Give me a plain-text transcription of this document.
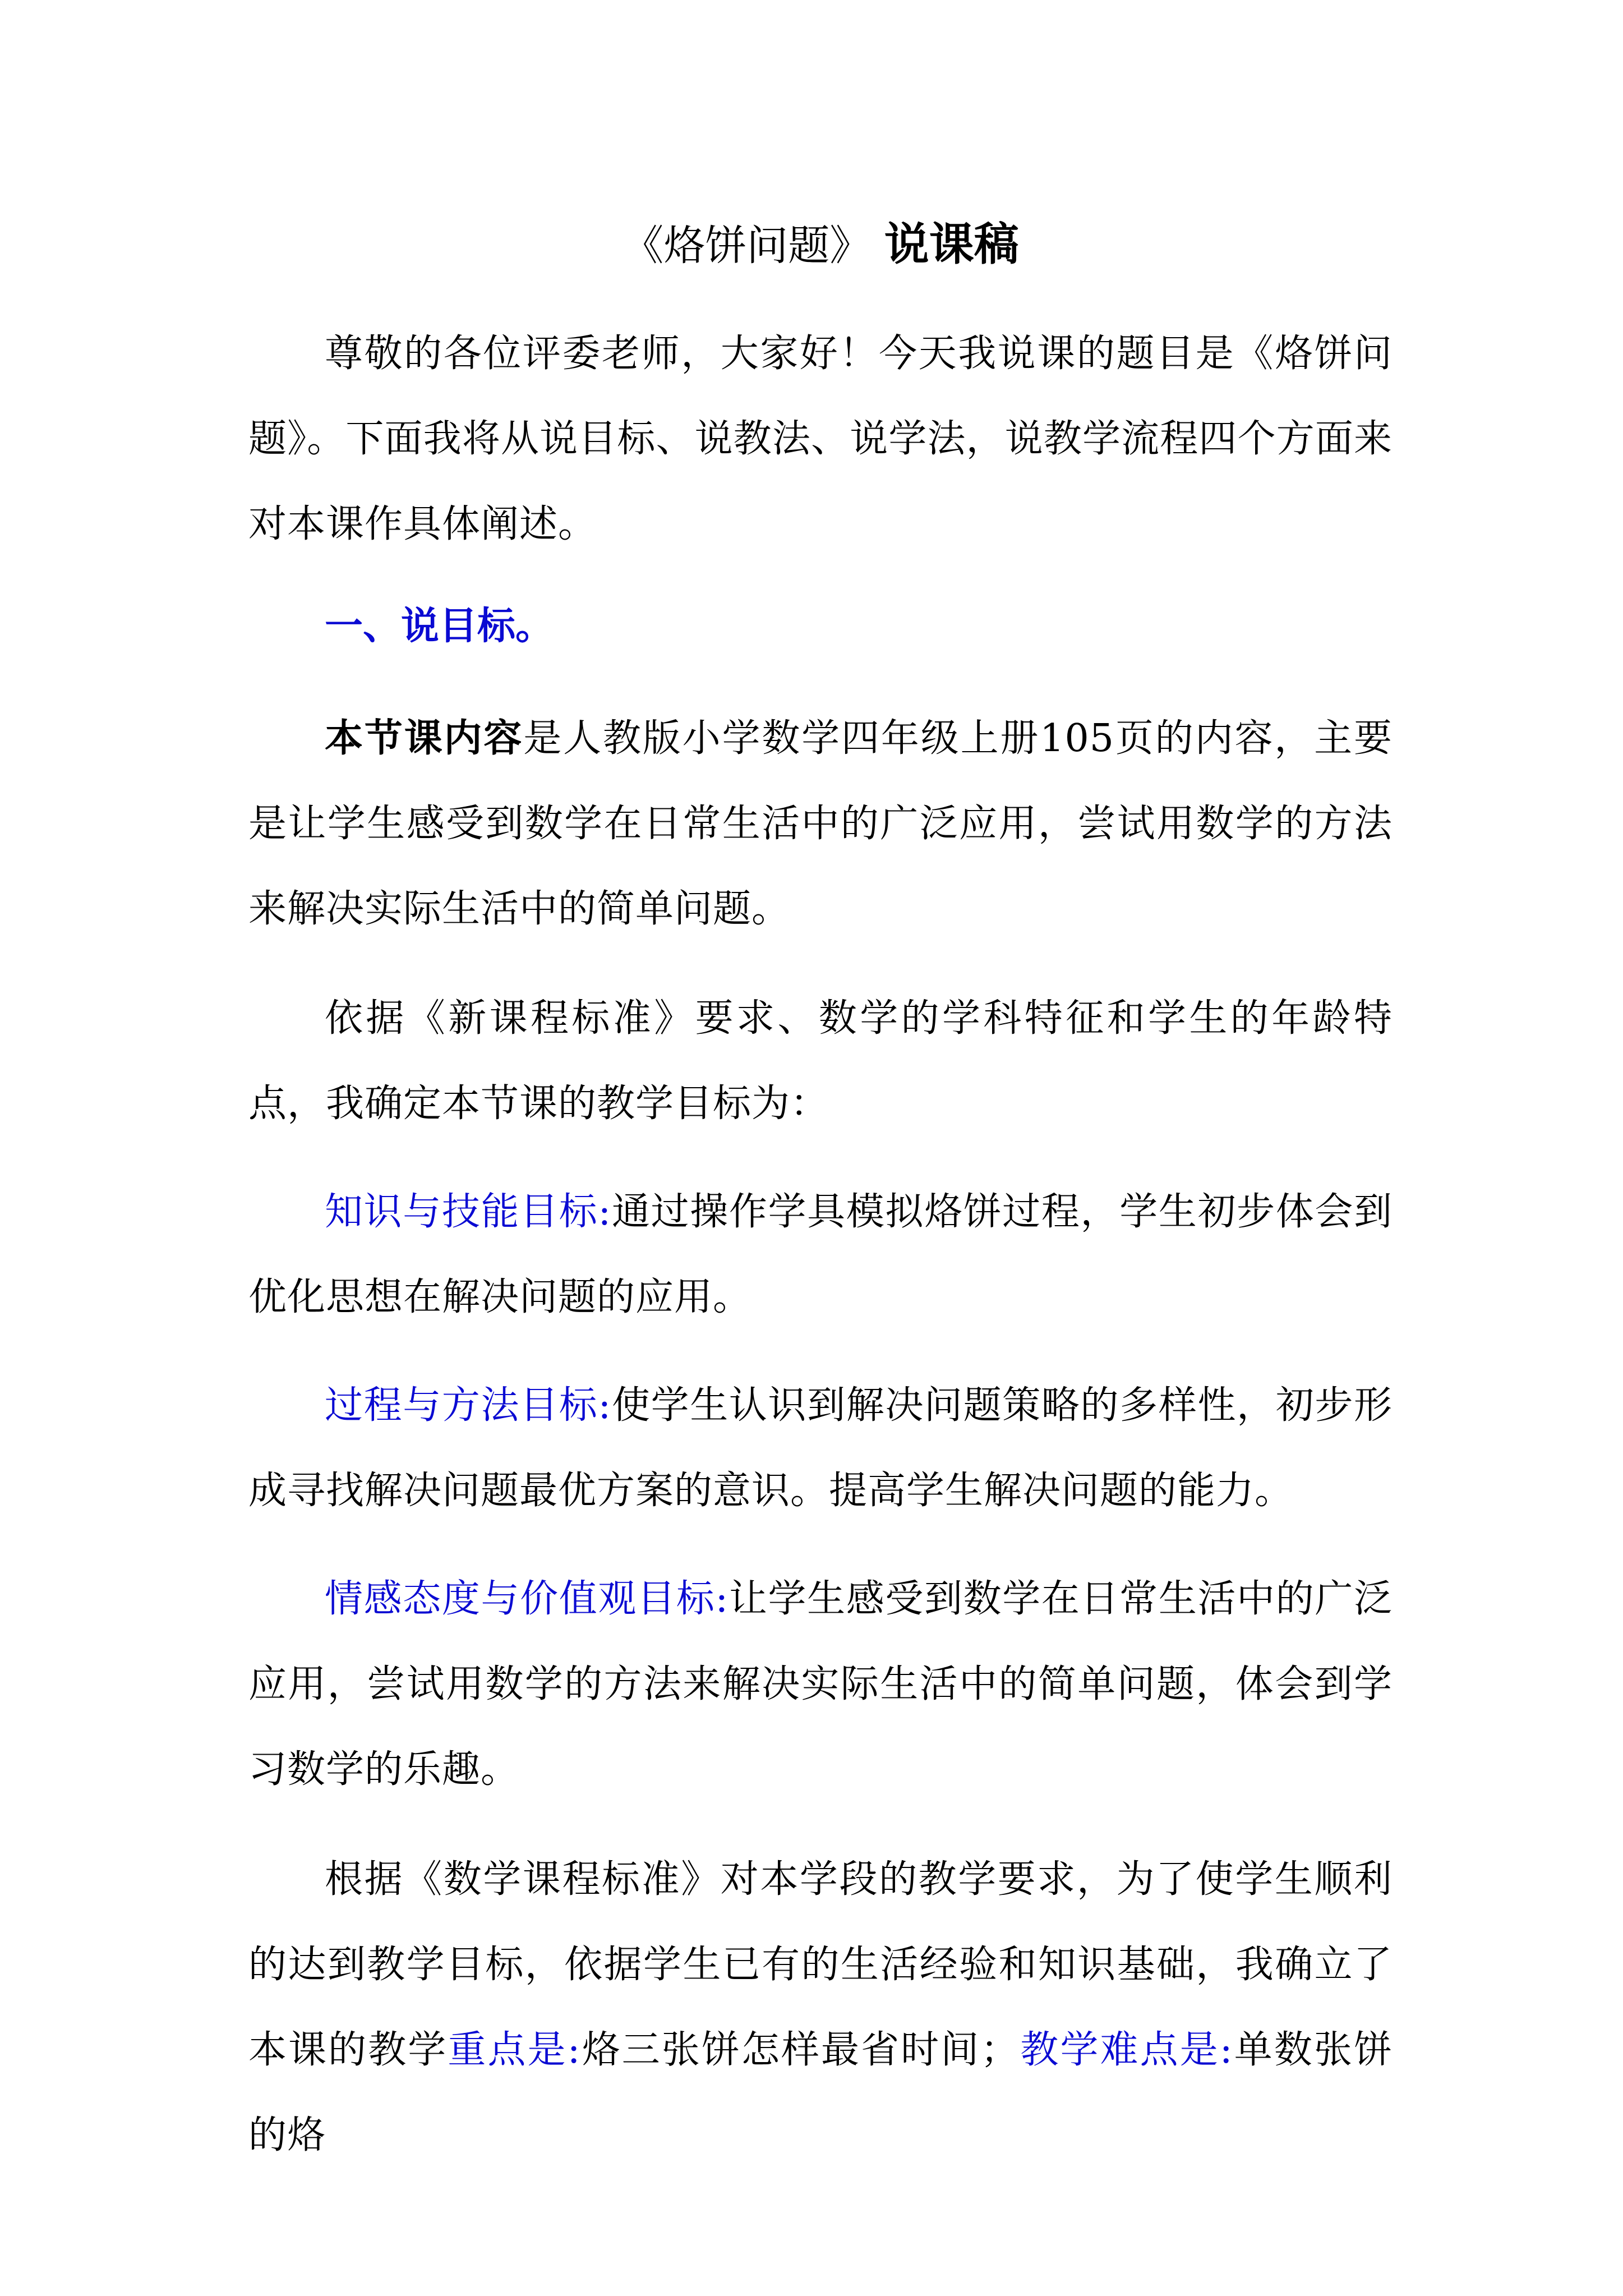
《烙饼问题》 说课稿

尊敬的各位评委老师，大家好！今天我说课的题目是《烙饼问题》。下面我将从说目标、说教法、说学法，说教学流程四个方面来对本课作具体阐述。

一、说目标。

本节课内容是人教版小学数学四年级上册105页的内容，主要是让学生感受到数学在日常生活中的广泛应用，尝试用数学的方法来解决实际生活中的简单问题。

依据《新课程标准》要求、数学的学科特征和学生的年龄特点，我确定本节课的教学目标为：

知识与技能目标:通过操作学具模拟烙饼过程，学生初步体会到优化思想在解决问题的应用。

过程与方法目标:使学生认识到解决问题策略的多样性，初步形成寻找解决问题最优方案的意识。提高学生解决问题的能力。

情感态度与价值观目标:让学生感受到数学在日常生活中的广泛应用，尝试用数学的方法来解决实际生活中的简单问题，体会到学习数学的乐趣。

根据《数学课程标准》对本学段的教学要求，为了使学生顺利的达到教学目标，依据学生已有的生活经验和知识基础，我确立了本课的教学重点是:烙三张饼怎样最省时间；教学难点是:单数张饼的烙
